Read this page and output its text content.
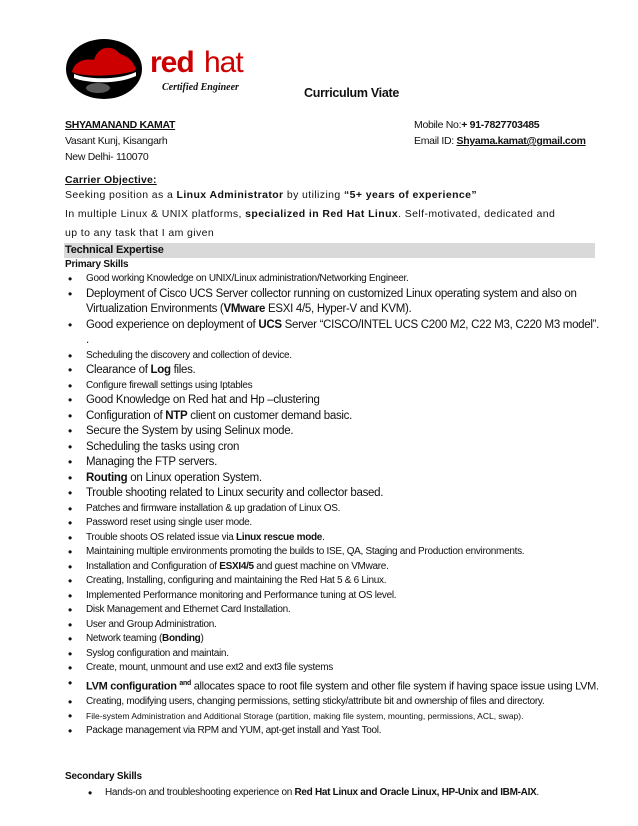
red hat
Certified Engineer	Curriculum Viate
SHYAMANAND KAMAT
Vasant Kunj, Kisangarh
New Delhi- 110070
Mobile No:+ 91-7827703485
Email ID: Shyama.kamat@gmail.com
Carrier Objective:
Seeking position as a Linux Administrator by utilizing “5+ years of experience”
In multiple Linux & UNIX platforms, specialized in Red Hat Linux. Self-motivated, dedicated and
up to any task that I am given
Technical Expertise
Primary Skills
• Good working Knowledge on UNIX/Linux administration/Networking Engineer.
• Deployment of Cisco UCS Server collector running on customized Linux operating system and also on Virtualization Environments (VMware ESXI 4/5, Hyper-V and KVM).
• Good experience on deployment of UCS Server “CISCO/INTEL UCS C200 M2, C22 M3, C220 M3 model”. .
• Scheduling the discovery and collection of device.
• Clearance of Log files.
• Configure firewall settings using Iptables
• Good Knowledge on Red hat and Hp –clustering
• Configuration of NTP client on customer demand basic.
• Secure the System by using Selinux mode.
• Scheduling the tasks using cron
• Managing the FTP servers.
• Routing on Linux operation System.
• Trouble shooting related to Linux security and collector based.
• Patches and firmware installation & up gradation of Linux OS.
• Password reset using single user mode.
• Trouble shoots OS related issue via Linux rescue mode.
• Maintaining multiple environments promoting the builds to ISE, QA, Staging and Production environments.
• Installation and Configuration of ESXI4/5 and guest machine on VMware.
• Creating, Installing, configuring and maintaining the Red Hat 5 & 6 Linux.
• Implemented Performance monitoring and Performance tuning at OS level.
• Disk Management and Ethernet Card Installation.
• User and Group Administration.
• Network teaming (Bonding)
• Syslog configuration and maintain.
• Create, mount, unmount and use ext2 and ext3 file systems
• LVM configuration $^{and}$ allocates space to root file system and other file system if having space issue using LVM.
• Creating, modifying users, changing permissions, setting sticky/attribute bit and ownership of files and directory.
• File-system Administration and Additional Storage (partition, making file system, mounting, permissions, ACL, swap).
• Package management via RPM and YUM, apt-get install and Yast Tool.
Secondary Skills
• Hands-on and troubleshooting experience on Red Hat Linux and Oracle Linux, HP-Unix and IBM-AIX.
